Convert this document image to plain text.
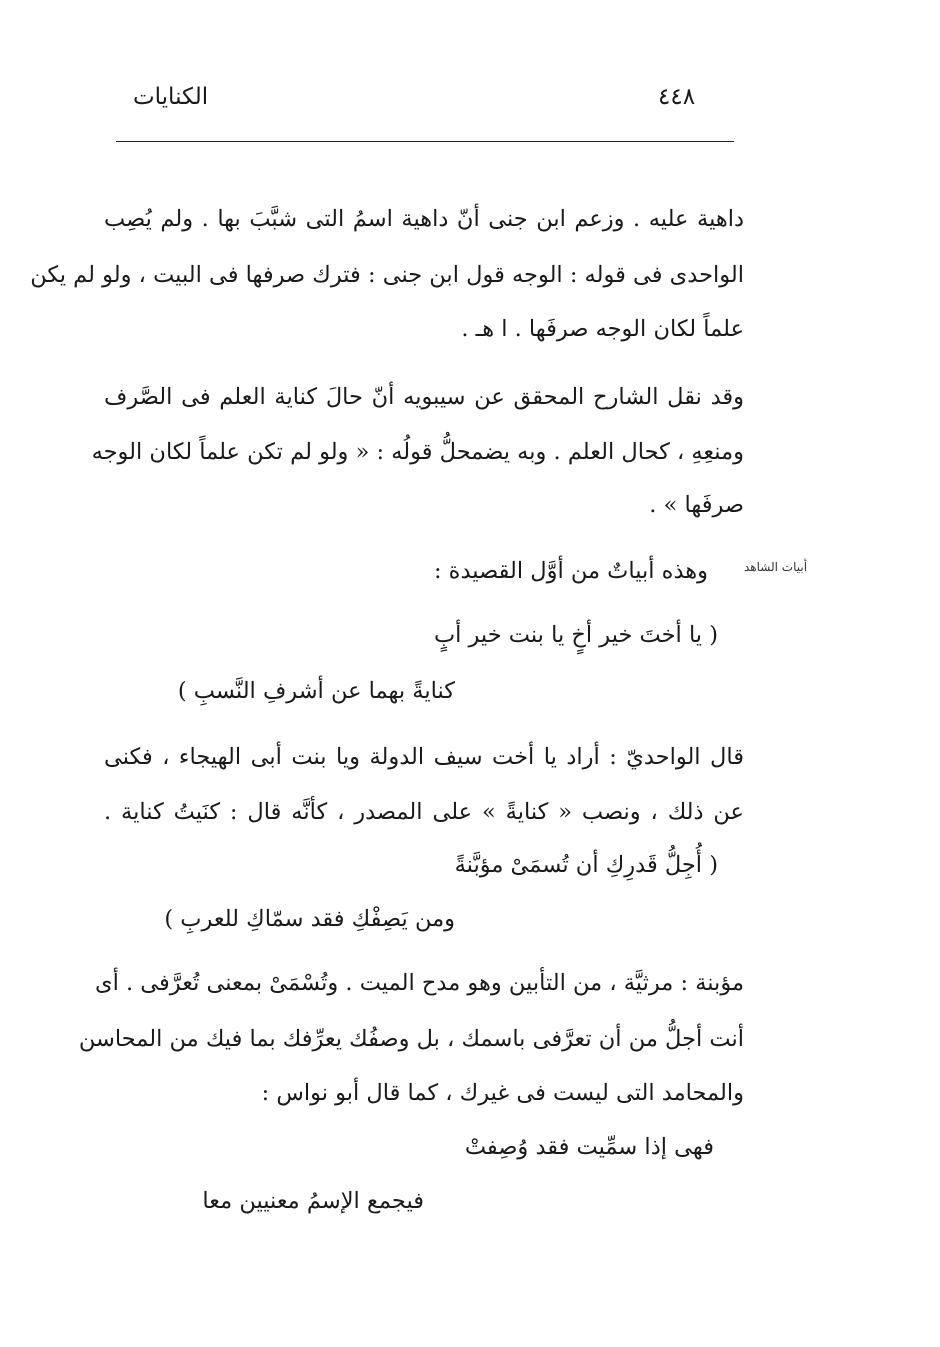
٤٤٨
الكنايات
داهية عليه . وزعم ابن جنى أنّ داهية اسمُ التى شبَّبَ بها . ولم يُصِب
الواحدى فى قوله : الوجه قول ابن جنى : فترك صرفها فى البيت ، ولو لم يكن
علماً لكان الوجه صرفَها . ا هـ .
وقد نقل الشارح المحقق عن سيبويه أنّ حالَ كناية العلم فى الصَّرف
ومنعِهِ ، كحال العلم . وبه يضمحلُّ قولُه : « ولو لم تكن علماً لكان الوجه
صرفَها » .
أبيات الشاهد
وهذه أبياتٌ من أوَّل القصيدة :
( يا أختَ خير أخٍ يا بنت خير أبٍ
كنايةً بهما عن أشرفِ النَّسبِ )
قال الواحديّ : أراد يا أخت سيف الدولة ويا بنت أبى الهيجاء ، فكنى
عن ذلك ، ونصب « كنايةً » على المصدر ، كأنَّه قال : كنَيتُ كناية .
( أُجِلُّ قَدرِكِ أن تُسمَىْ مؤبَّنةً
ومن يَصِفْكِ فقد سمّاكِ للعربِ )
مؤبنة : مرثيَّة ، من التأبين وهو مدح الميت . وتُسْمَىْ بمعنى تُعرَّفى . أى
أنت أجلُّ من أن تعرَّفى باسمك ، بل وصفُك يعرِّفك بما فيك من المحاسن
والمحامد التى ليست فى غيرك ، كما قال أبو نواس :
فهى إذا سمِّيت فقد وُصِفتْ
فيجمع الإسمُ معنيين معا
